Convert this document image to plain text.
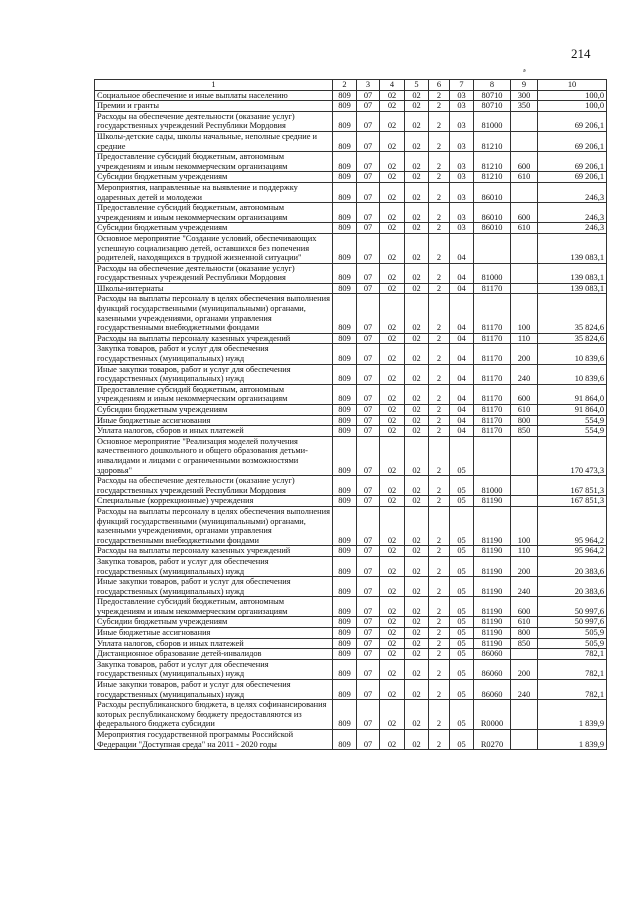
214
ₔ
1	2	3	4	5	6	7	8	9	10
Социальное обеспечение и иные выплаты населению	809	07	02	02	2	03	80710	300	100,0
Премии и гранты	809	07	02	02	2	03	80710	350	100,0
Расходы на обеспечение деятельности (оказание услуг) государственных учреждений Республики Мордовия	809	07	02	02	2	03	81000		69 206,1
Школы-детские сады, школы начальные, неполные средние и средние	809	07	02	02	2	03	81210		69 206,1
Предоставление субсидий бюджетным, автономным учреждениям и иным некоммерческим организациям	809	07	02	02	2	03	81210	600	69 206,1
Субсидии бюджетным учреждениям	809	07	02	02	2	03	81210	610	69 206,1
Мероприятия, направленные на выявление и поддержку одаренных детей и молодежи	809	07	02	02	2	03	86010		246,3
Предоставление субсидий бюджетным, автономным учреждениям и иным некоммерческим организациям	809	07	02	02	2	03	86010	600	246,3
Субсидии бюджетным учреждениям	809	07	02	02	2	03	86010	610	246,3
Основное мероприятие "Создание условий, обеспечивающих успешную социализацию детей, оставшихся без попечения родителей, находящихся в трудной жизненной ситуации"	809	07	02	02	2	04			139 083,1
Расходы на обеспечение деятельности (оказание услуг) государственных учреждений Республики Мордовия	809	07	02	02	2	04	81000		139 083,1
Школы-интернаты	809	07	02	02	2	04	81170		139 083,1
Расходы на выплаты персоналу в целях обеспечения выполнения функций государственными (муниципальными) органами, казенными учреждениями, органами управления государственными внебюджетными фондами	809	07	02	02	2	04	81170	100	35 824,6
Расходы на выплаты персоналу казенных учреждений	809	07	02	02	2	04	81170	110	35 824,6
Закупка товаров, работ и услуг для обеспечения государственных (муниципальных) нужд	809	07	02	02	2	04	81170	200	10 839,6
Иные закупки товаров, работ и услуг для обеспечения государственных (муниципальных) нужд	809	07	02	02	2	04	81170	240	10 839,6
Предоставление субсидий бюджетным, автономным учреждениям и иным некоммерческим организациям	809	07	02	02	2	04	81170	600	91 864,0
Субсидии бюджетным учреждениям	809	07	02	02	2	04	81170	610	91 864,0
Иные бюджетные ассигнования	809	07	02	02	2	04	81170	800	554,9
Уплата налогов, сборов и иных платежей	809	07	02	02	2	04	81170	850	554,9
Основное мероприятие "Реализация моделей получения качественного дошкольного и общего образования детьми-инвалидами и лицами с ограниченными возможностями здоровья"	809	07	02	02	2	05			170 473,3
Расходы на обеспечение деятельности (оказание услуг) государственных учреждений Республики Мордовия	809	07	02	02	2	05	81000		167 851,3
Специальные (коррекционные) учреждения	809	07	02	02	2	05	81190		167 851,3
Расходы на выплаты персоналу в целях обеспечения выполнения функций государственными (муниципальными) органами, казенными учреждениями, органами управления государственными внебюджетными фондами	809	07	02	02	2	05	81190	100	95 964,2
Расходы на выплаты персоналу казенных учреждений	809	07	02	02	2	05	81190	110	95 964,2
Закупка товаров, работ и услуг для обеспечения государственных (муниципальных) нужд	809	07	02	02	2	05	81190	200	20 383,6
Иные закупки товаров, работ и услуг для обеспечения государственных (муниципальных) нужд	809	07	02	02	2	05	81190	240	20 383,6
Предоставление субсидий бюджетным, автономным учреждениям и иным некоммерческим организациям	809	07	02	02	2	05	81190	600	50 997,6
Субсидии бюджетным учреждениям	809	07	02	02	2	05	81190	610	50 997,6
Иные бюджетные ассигнования	809	07	02	02	2	05	81190	800	505,9
Уплата налогов, сборов и иных платежей	809	07	02	02	2	05	81190	850	505,9
Дистанционное образование детей-инвалидов	809	07	02	02	2	05	86060		782,1
Закупка товаров, работ и услуг для обеспечения государственных (муниципальных) нужд	809	07	02	02	2	05	86060	200	782,1
Иные закупки товаров, работ и услуг для обеспечения государственных (муниципальных) нужд	809	07	02	02	2	05	86060	240	782,1
Расходы республиканского бюджета, в целях софинансирования которых республиканскому бюджету предоставляются из федерального бюджета субсидии	809	07	02	02	2	05	R0000		1 839,9
Мероприятия государственной программы Российской Федерации "Доступная среда" на 2011 - 2020 годы	809	07	02	02	2	05	R0270		1 839,9
